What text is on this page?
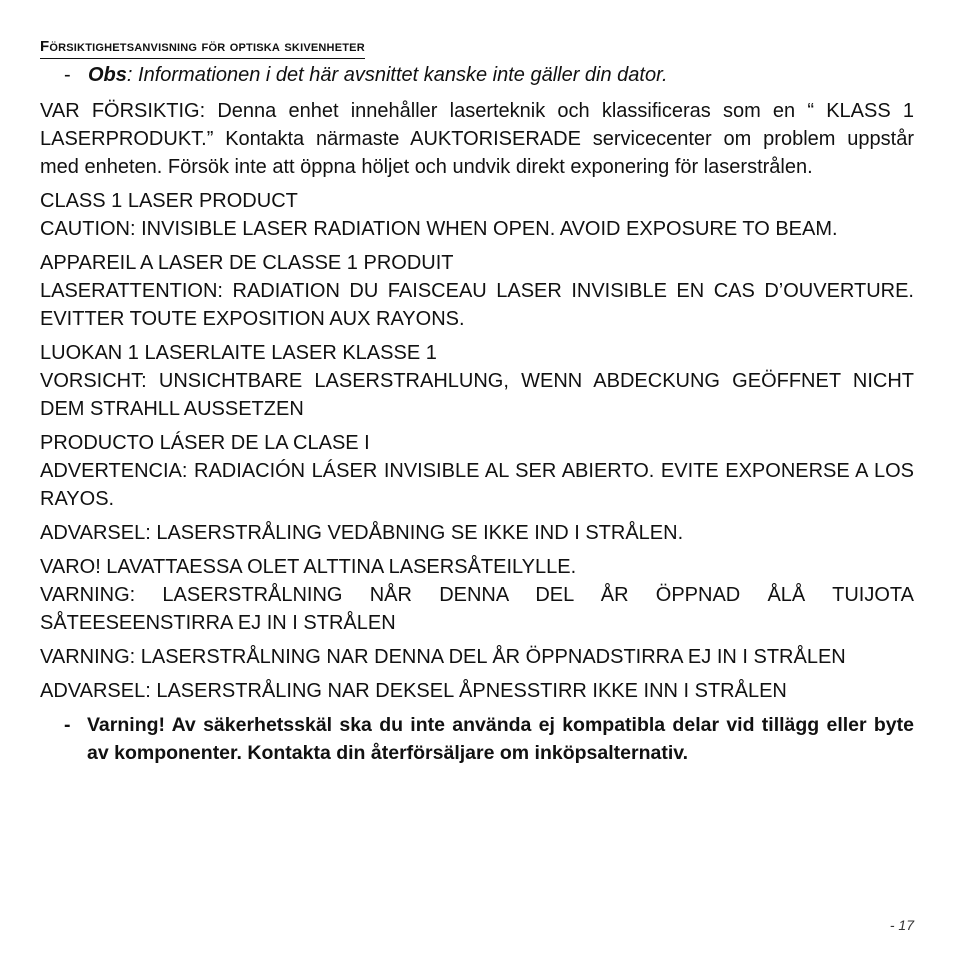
Försiktighetsanvisning för optiska skivenheter
- Obs: Informationen i det här avsnittet kanske inte gäller din dator.

VAR FÖRSIKTIG: Denna enhet innehåller laserteknik och klassificeras som en “ KLASS 1 LASERPRODUKT.” Kontakta närmaste AUKTORISERADE servicecenter om problem uppstår med enheten. Försök inte att öppna höljet och undvik direkt exponering för laserstrålen.

CLASS 1 LASER PRODUCT
CAUTION: INVISIBLE LASER RADIATION WHEN OPEN. AVOID EXPOSURE TO BEAM.
APPAREIL A LASER DE CLASSE 1 PRODUIT
LASERATTENTION: RADIATION DU FAISCEAU LASER INVISIBLE EN CAS D’OUVERTURE. EVITTER TOUTE EXPOSITION AUX RAYONS.
LUOKAN 1 LASERLAITE LASER KLASSE 1
VORSICHT: UNSICHTBARE LASERSTRAHLUNG, WENN ABDECKUNG GEÖFFNET NICHT DEM STRAHLL AUSSETZEN
PRODUCTO LÁSER DE LA CLASE I
ADVERTENCIA: RADIACIÓN LÁSER INVISIBLE AL SER ABIERTO. EVITE EXPONERSE A LOS RAYOS.

ADVARSEL: LASERSTRÅLING VEDÅBNING SE IKKE IND I STRÅLEN.

VARO! LAVATTAESSA OLET ALTTINA LASERSÅTEILYLLE.
VARNING: LASERSTRÅLNING NÅR DENNA DEL ÅR ÖPPNAD ÅLÅ TUIJOTA SÅTEESEENSTIRRA EJ IN I STRÅLEN

VARNING: LASERSTRÅLNING NAR DENNA DEL ÅR ÖPPNADSTIRRA EJ IN I STRÅLEN

ADVARSEL: LASERSTRÅLING NAR DEKSEL ÅPNESSTIRR IKKE INN I STRÅLEN

- Varning! Av säkerhetsskäl ska du inte använda ej kompatibla delar vid tillägg eller byte av komponenter. Kontakta din återförsäljare om inköpsalternativ.
- 17
